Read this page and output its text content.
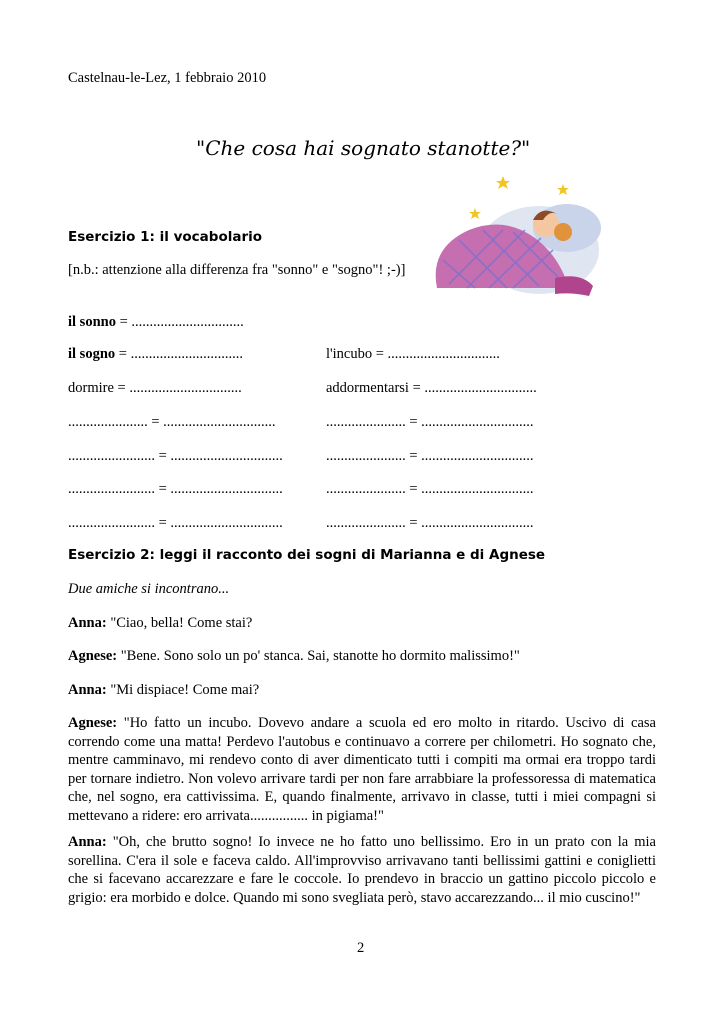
Castelnau-le-Lez, 1 febbraio 2010
"Che cosa hai sognato stanotte?"
Esercizio 1: il vocabolario
[n.b.: attenzione alla differenza fra "sonno" e "sogno"! ;-)]
il sonno = ...............................
il sogno = ...............................	l'incubo = ...............................
dormire = ...............................	addormentarsi = ...............................
...................... = ...............................	...................... = ...............................
........................ = ...............................	...................... = ...............................
........................ = ...............................	...................... = ...............................
........................ = ...............................	...................... = ...............................
Esercizio 2: leggi il racconto dei sogni di Marianna e di Agnese
Due amiche si incontrano...
Anna: "Ciao, bella! Come stai?
Agnese: "Bene. Sono solo un po' stanca. Sai, stanotte ho dormito malissimo!"
Anna: "Mi dispiace! Come mai?
Agnese: "Ho fatto un incubo. Dovevo andare a scuola ed ero molto in ritardo. Uscivo di casa correndo come una matta! Perdevo l'autobus e continuavo a correre per chilometri. Ho sognato che, mentre camminavo, mi rendevo conto di aver dimenticato tutti i compiti ma ormai era troppo tardi per tornare indietro. Non volevo arrivare tardi per non fare arrabbiare la professoressa di matematica che, nel sogno, era cattivissima. E, quando finalmente, arrivavo in classe, tutti i miei compagni si mettevano a ridere: ero arrivata................ in pigiama!"
Anna: "Oh, che brutto sogno! Io invece ne ho fatto uno bellissimo. Ero in un prato con la mia sorellina. C'era il sole e faceva caldo. All'improvviso arrivavano tanti bellissimi gattini e coniglietti che si facevano accarezzare e fare le coccole. Io prendevo in braccio un gattino piccolo piccolo e grigio: era morbido e dolce. Quando mi sono svegliata però, stavo accarezzando... il mio cuscino!"
2
